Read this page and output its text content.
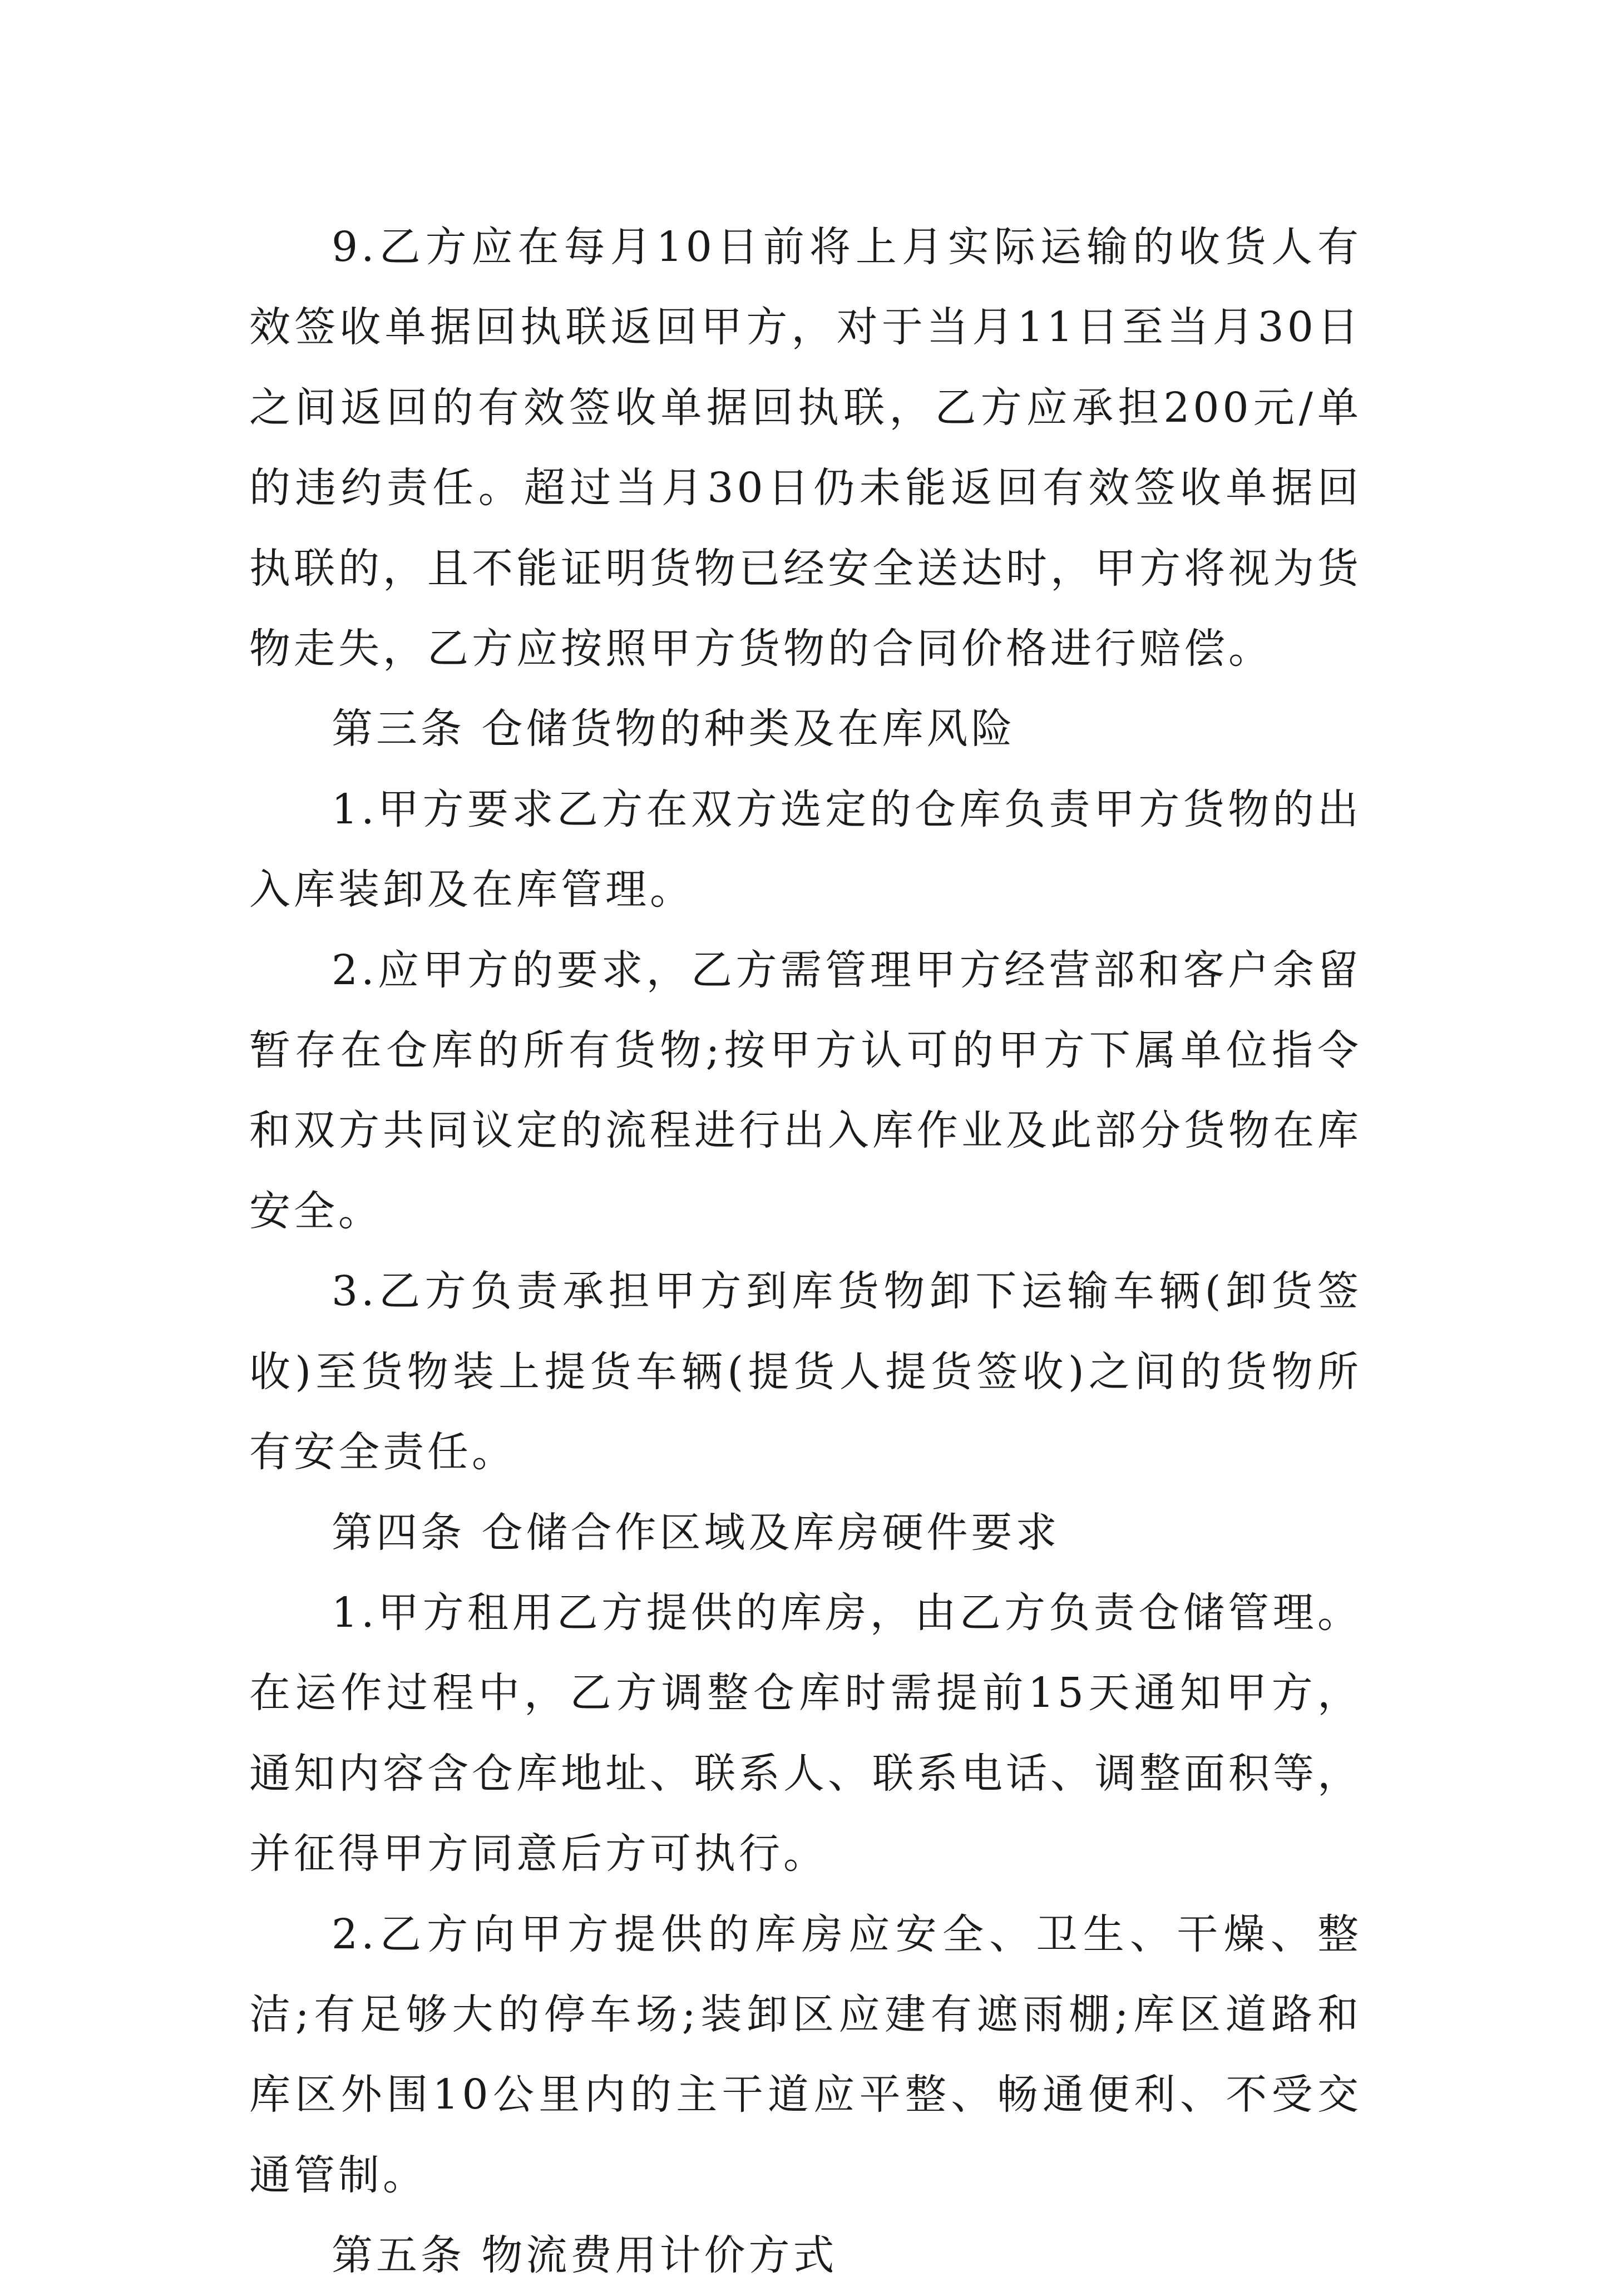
9.乙方应在每月10日前将上月实际运输的收货人有效签收单据回执联返回甲方，对于当月11日至当月30日之间返回的有效签收单据回执联，乙方应承担200元/单的违约责任。超过当月30日仍未能返回有效签收单据回执联的，且不能证明货物已经安全送达时，甲方将视为货物走失，乙方应按照甲方货物的合同价格进行赔偿。

第三条 仓储货物的种类及在库风险

1.甲方要求乙方在双方选定的仓库负责甲方货物的出入库装卸及在库管理。

2.应甲方的要求，乙方需管理甲方经营部和客户余留暂存在仓库的所有货物;按甲方认可的甲方下属单位指令和双方共同议定的流程进行出入库作业及此部分货物在库安全。

3.乙方负责承担甲方到库货物卸下运输车辆(卸货签收)至货物装上提货车辆(提货人提货签收)之间的货物所有安全责任。

第四条 仓储合作区域及库房硬件要求

1.甲方租用乙方提供的库房，由乙方负责仓储管理。在运作过程中，乙方调整仓库时需提前15天通知甲方，通知内容含仓库地址、联系人、联系电话、调整面积等，并征得甲方同意后方可执行。

2.乙方向甲方提供的库房应安全、卫生、干燥、整洁;有足够大的停车场;装卸区应建有遮雨棚;库区道路和库区外围10公里内的主干道应平整、畅通便利、不受交通管制。

第五条 物流费用计价方式
